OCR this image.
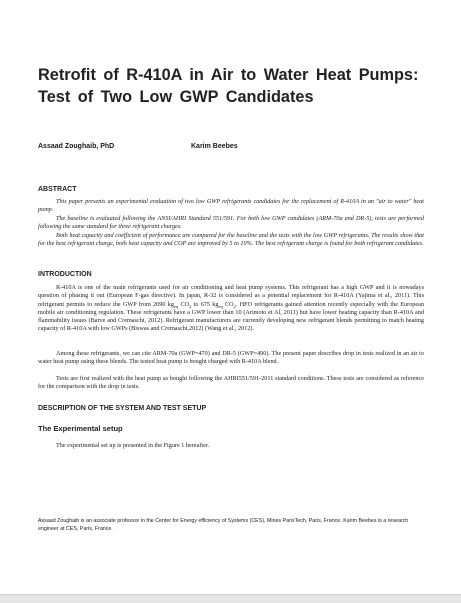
Retrofit of R-410A in Air to Water Heat Pumps: Test of Two Low GWP Candidates
Assaad Zoughaib, PhD	Karim Beebes
ABSTRACT

This paper presents an experimental evaluation of two low GWP refrigerants candidates for the replacement of R-410A in an "air to water" heat pump.

The baseline is evaluated following the ANSI/AHRI Standard 551/591. For both low GWP candidates (ARM-70a and DR-5), tests are performed following the same standard for three refrigerant charges.

Both heat capacity and coefficient of performance are compared for the baseline and the tests with the low GWP refrigerants. The results show that for the best refrigerant charge, both heat capacity and COP are improved by 5 to 10%. The best refrigerant charge is found for both refrigerant candidates.

INTRODUCTION

R-410A is one of the main refrigerants used for air conditioning and heat pump systems. This refrigerant has a high GWP and it is nowadays question of phasing it out (European F-gas directive). In japan, R-32 is considered as a potential replacement for R-410A (Yajima et al., 2011). This refrigerant permits to reduce the GWP from 2090 $kg_{eq}$ $CO_2$ to 675 $kg_{eq}$ $CO_2$. HFO refrigerants gained attention recently especially with the European mobile air conditioning regulation. These refrigerants have a GWP lower than 10 (Arimoto et Al, 2011) but have lower heating capacity than R-410A and flammability issues (Barve and Cremaschi, 2012). Refrigerant manufacturers are currently developing new refrigerant blends permitting to match heating capacity of R-410A with low GWPs (Biswas and Cremaschi,2012) (Wang et al., 2012).

Among these refrigerants, we can cite ARM-70a (GWP=470) and DR-5 (GWP=490). The present paper describes drop in tests realized in an air to water heat pump using these blends. The tested heat pump is bought charged with R-410A blend.

Tests are first realized with the heat pump as bought following the AHRI551/591-2011 standard conditions. These tests are considered as reference for the comparison with the drop in tests.

DESCRIPTION OF THE SYSTEM AND TEST SETUP
The Experimental setup

The experimental set up is presented in the Figure 1 hereafter.

Assaad Zoughaib is an associate professor in the Center for Energy efficiency of Systems (CES), Mines ParisTech, Paris, France. Karim Beebes is a research engineer at CES, Paris, France.
